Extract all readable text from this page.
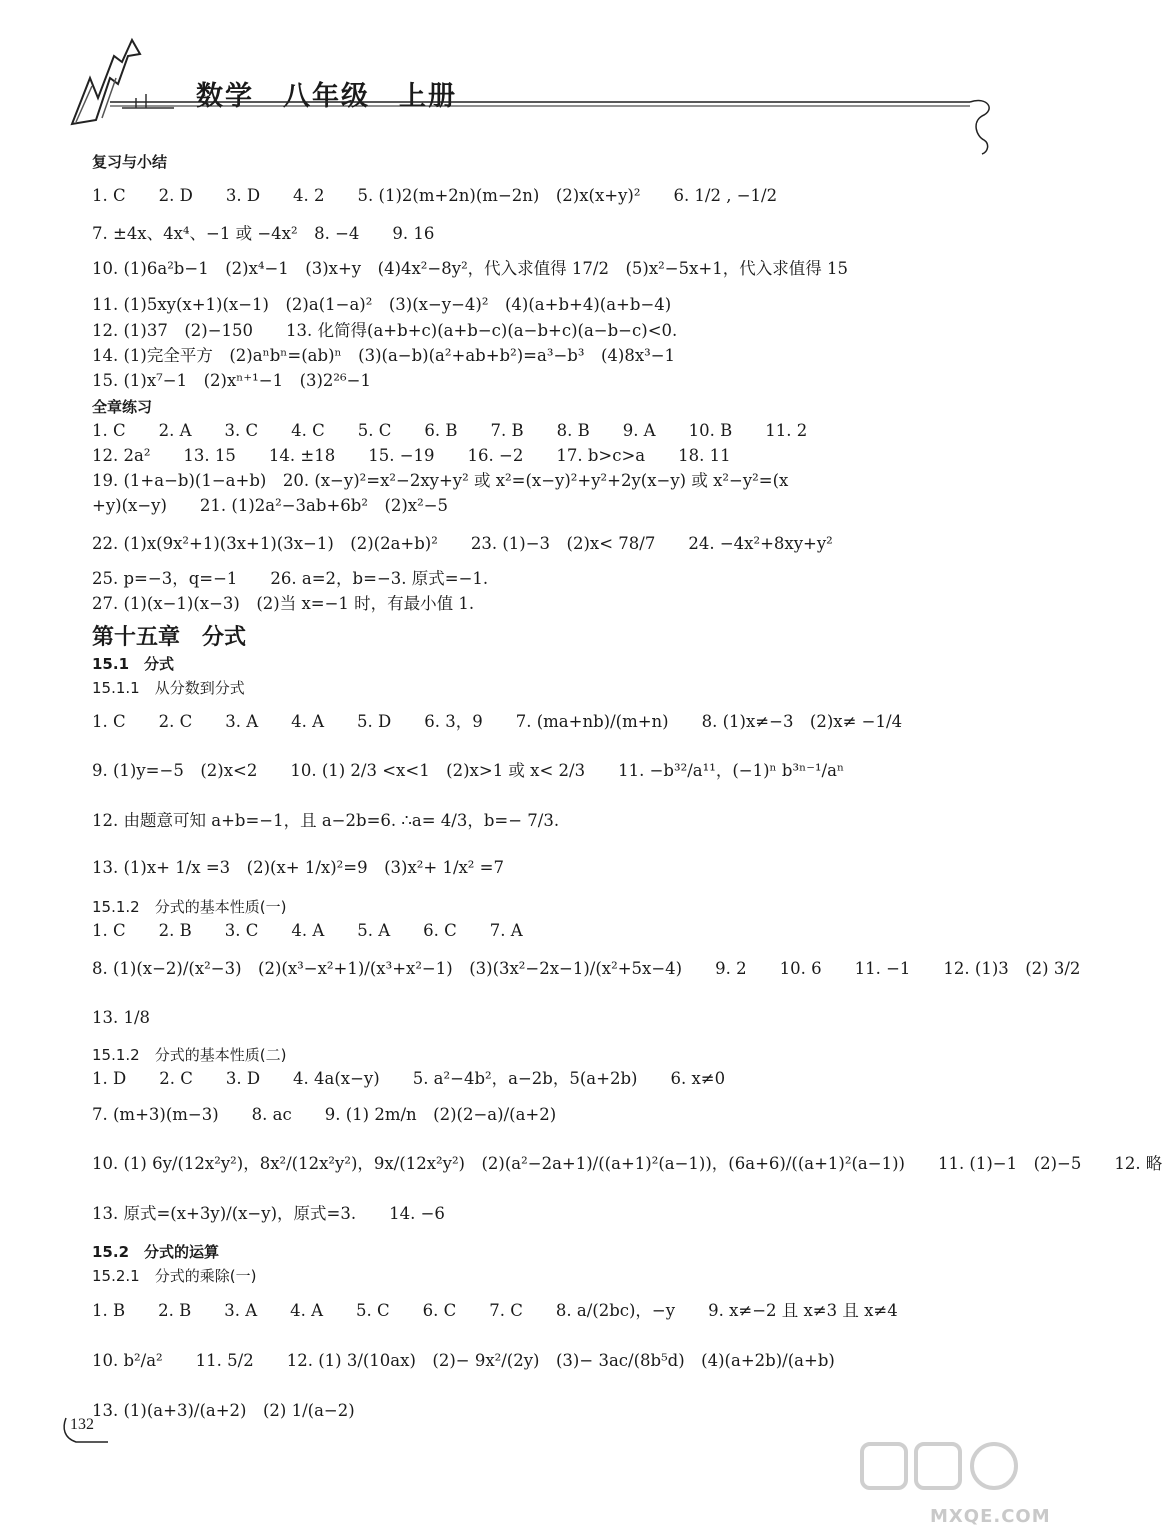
数学　八年级　上册
复习与小结
1. C　　2. D　　3. D　　4. 2　　5. (1)2(m+2n)(m−2n)　(2)x(x+y)²　　6. 1/2 , −1/2
7. ±4x、4x⁴、−1 或 −4x²　8. −4　　9. 16
10. (1)6a²b−1　(2)x⁴−1　(3)x+y　(4)4x²−8y²，代入求值得 17/2　(5)x²−5x+1，代入求值得 15
11. (1)5xy(x+1)(x−1)　(2)a(1−a)²　(3)(x−y−4)²　(4)(a+b+4)(a+b−4)
12. (1)37　(2)−150　　13. 化简得(a+b+c)(a+b−c)(a−b+c)(a−b−c)<0.
14. (1)完全平方　(2)aⁿbⁿ=(ab)ⁿ　(3)(a−b)(a²+ab+b²)=a³−b³　(4)8x³−1
15. (1)x⁷−1　(2)xⁿ⁺¹−1　(3)2²⁶−1
全章练习
1. C　　2. A　　3. C　　4. C　　5. C　　6. B　　7. B　　8. B　　9. A　　10. B　　11. 2
12. 2a²　　13. 15　　14. ±18　　15. −19　　16. −2　　17. b>c>a　　18. 11
19. (1+a−b)(1−a+b)　20. (x−y)²=x²−2xy+y² 或 x²=(x−y)²+y²+2y(x−y) 或 x²−y²=(x
+y)(x−y)　　21. (1)2a²−3ab+6b²　(2)x²−5
22. (1)x(9x²+1)(3x+1)(3x−1)　(2)(2a+b)²　　23. (1)−3　(2)x< 78/7　　24. −4x²+8xy+y²
25. p=−3，q=−1　　26. a=2，b=−3. 原式=−1.
27. (1)(x−1)(x−3)　(2)当 x=−1 时，有最小值 1.
第十五章　分式
15.1　分式
15.1.1　从分数到分式
1. C　　2. C　　3. A　　4. A　　5. D　　6. 3，9　　7. (ma+nb)/(m+n)　　8. (1)x≠−3　(2)x≠ −1/4
9. (1)y=−5　(2)x<2　　10. (1) 2/3 <x<1　(2)x>1 或 x< 2/3　　11. −b³²/a¹¹，(−1)ⁿ b³ⁿ⁻¹/aⁿ
12. 由题意可知 a+b=−1，且 a−2b=6. ∴a= 4/3，b=− 7/3.
13. (1)x+ 1/x =3　(2)(x+ 1/x)²=9　(3)x²+ 1/x² =7
15.1.2　分式的基本性质(一)
1. C　　2. B　　3. C　　4. A　　5. A　　6. C　　7. A
8. (1)(x−2)/(x²−3)　(2)(x³−x²+1)/(x³+x²−1)　(3)(3x²−2x−1)/(x²+5x−4)　　9. 2　　10. 6　　11. −1　　12. (1)3　(2) 3/2
13. 1/8
15.1.2　分式的基本性质(二)
1. D　　2. C　　3. D　　4. 4a(x−y)　　5. a²−4b²，a−2b，5(a+2b)　　6. x≠0
7. (m+3)(m−3)　　8. ac　　9. (1) 2m/n　(2)(2−a)/(a+2)
10. (1) 6y/(12x²y²)，8x²/(12x²y²)，9x/(12x²y²)　(2)(a²−2a+1)/((a+1)²(a−1))，(6a+6)/((a+1)²(a−1))　　11. (1)−1　(2)−5　　12. 略
13. 原式=(x+3y)/(x−y)，原式=3.　　14. −6
15.2　分式的运算
15.2.1　分式的乘除(一)
1. B　　2. B　　3. A　　4. A　　5. C　　6. C　　7. C　　8. a/(2bc)，−y　　9. x≠−2 且 x≠3 且 x≠4
10. b²/a²　　11. 5/2　　12. (1) 3/(10ax)　(2)− 9x²/(2y)　(3)− 3ac/(8b⁵d)　(4)(a+2b)/(a+b)
13. (1)(a+3)/(a+2)　(2) 1/(a−2)
132
MXQE.COM
